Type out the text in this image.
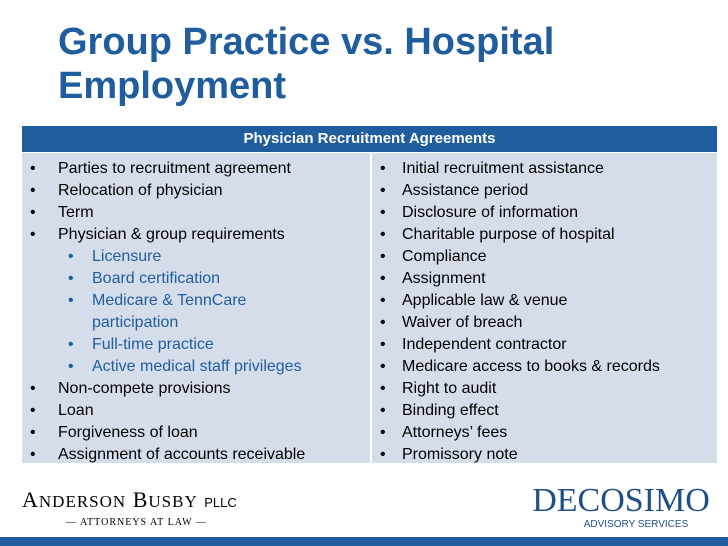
Group Practice vs. Hospital Employment
Physician Recruitment Agreements
• Parties to recruitment agreement
• Relocation of physician
• Term
• Physician & group requirements
• Licensure
• Board certification
• Medicare & TennCare
participation
• Full-time practice
• Active medical staff privileges
• Non-compete provisions
• Loan
• Forgiveness of loan
• Assignment of accounts receivable
• Initial recruitment assistance
• Assistance period
• Disclosure of information
• Charitable purpose of hospital
• Compliance
• Assignment
• Applicable law & venue
• Waiver of breach
• Independent contractor
• Medicare access to books & records
• Right to audit
• Binding effect
• Attorneys’ fees
• Promissory note
ANDERSON BUSBY PLLC
— ATTORNEYS AT LAW —
DECOSIMO
ADVISORY SERVICES
